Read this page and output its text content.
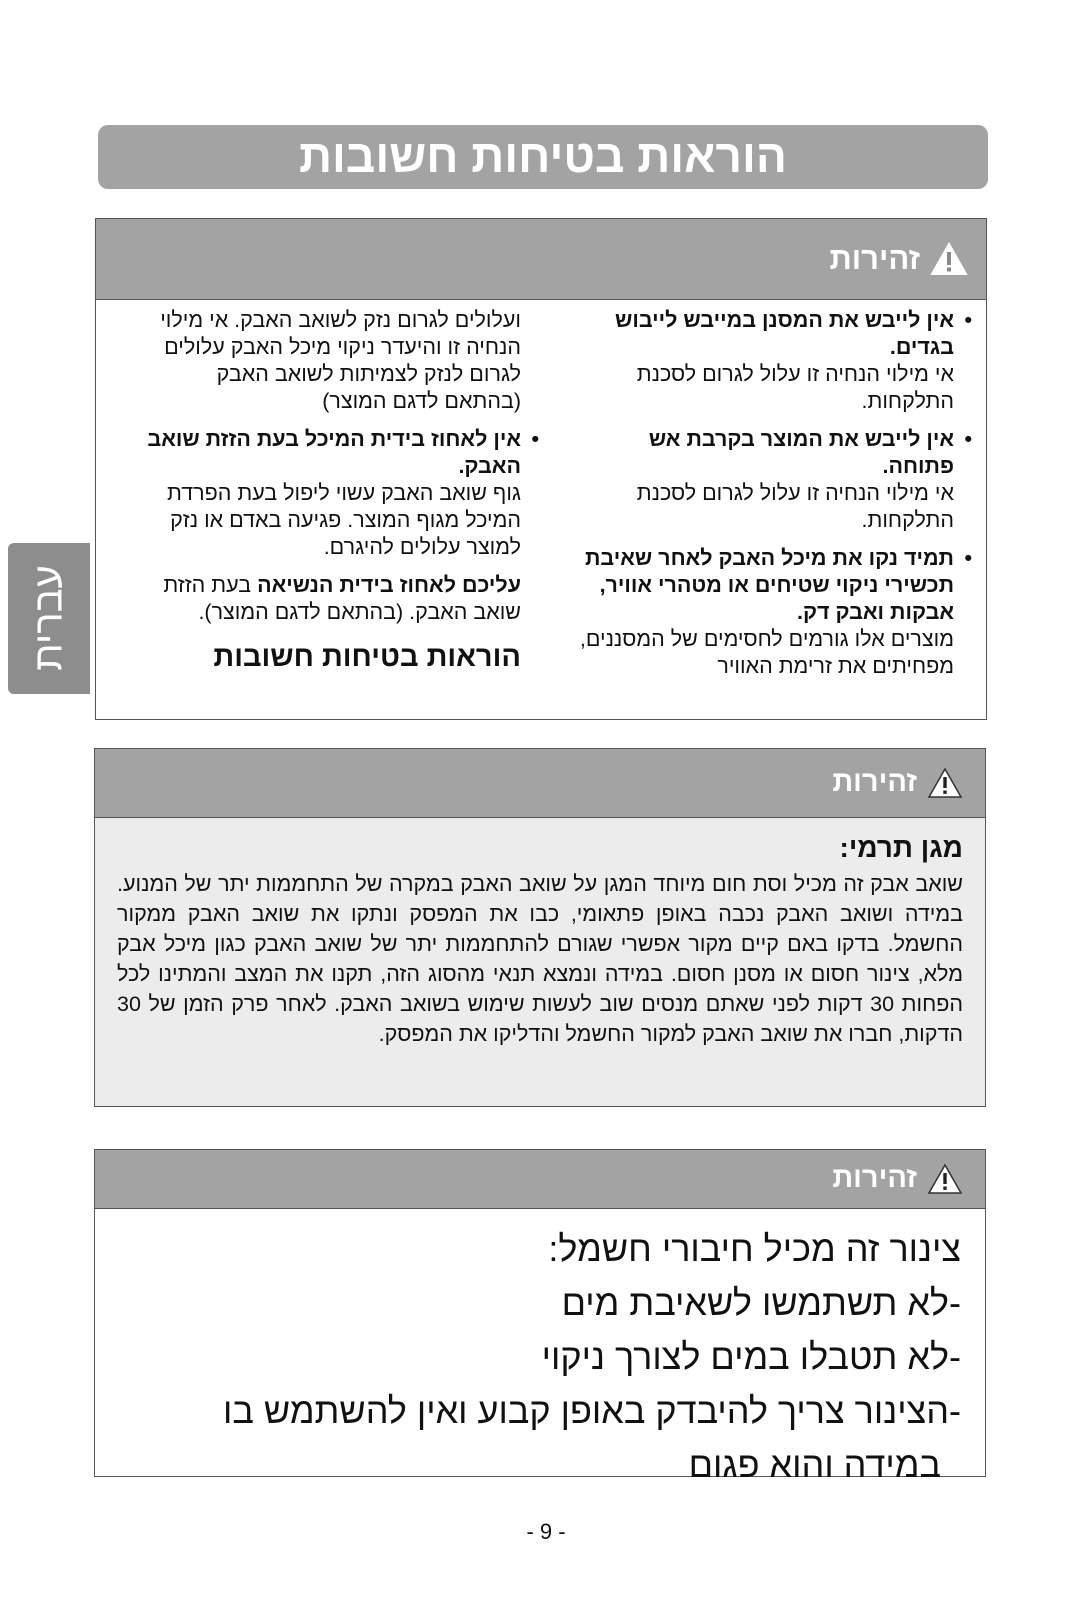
הוראות בטיחות חשובות
עברית
זהירות

• אין לייבש את המסנן במייבש לייבוש בגדים.

אי מילוי הנחיה זו עלול לגרום לסכנת התלקחות.

• אין לייבש את המוצר בקרבת אש פתוחה.

אי מילוי הנחיה זו עלול לגרום לסכנת התלקחות.

• תמיד נקו את מיכל האבק לאחר שאיבת תכשירי ניקוי שטיחים או מטהרי אוויר, אבקות ואבק דק.

מוצרים אלו גורמים לחסימים של המסננים, מפחיתים את זרימת האוויר

ועלולים לגרום נזק לשואב האבק. אי מילוי הנחיה זו והיעדר ניקוי מיכל האבק עלולים לגרום לנזק לצמיתות לשואב האבק (בהתאם לדגם המוצר)

• אין לאחוז בידית המיכל בעת הזזת שואב האבק.

גוף שואב האבק עשוי ליפול בעת הפרדת המיכל מגוף המוצר. פגיעה באדם או נזק למוצר עלולים להיגרם.

עליכם לאחוז בידית הנשיאה בעת הזזת שואב האבק. (בהתאם לדגם המוצר).

הוראות בטיחות חשובות

זהירות
מגן תרמי:

שואב אבק זה מכיל וסת חום מיוחד המגן על שואב האבק במקרה של התחממות יתר של המנוע. במידה ושואב האבק נכבה באופן פתאומי, כבו את המפסק ונתקו את שואב האבק ממקור החשמל. בדקו באם קיים מקור אפשרי שגורם להתחממות יתר של שואב האבק כגון מיכל אבק מלא, צינור חסום או מסנן חסום. במידה ונמצא תנאי מהסוג הזה, תקנו את המצב והמתינו לכל הפחות 30 דקות לפני שאתם מנסים שוב לעשות שימוש בשואב האבק. לאחר פרק הזמן של 30 הדקות, חברו את שואב האבק למקור החשמל והדליקו את המפסק.

זהירות
צינור זה מכיל חיבורי חשמל:
-לא תשתמשו לשאיבת מים
-לא תטבלו במים לצורך ניקוי
-הצינור צריך להיבדק באופן קבוע ואין להשתמש בו
במידה והוא פגום
- 9 -
